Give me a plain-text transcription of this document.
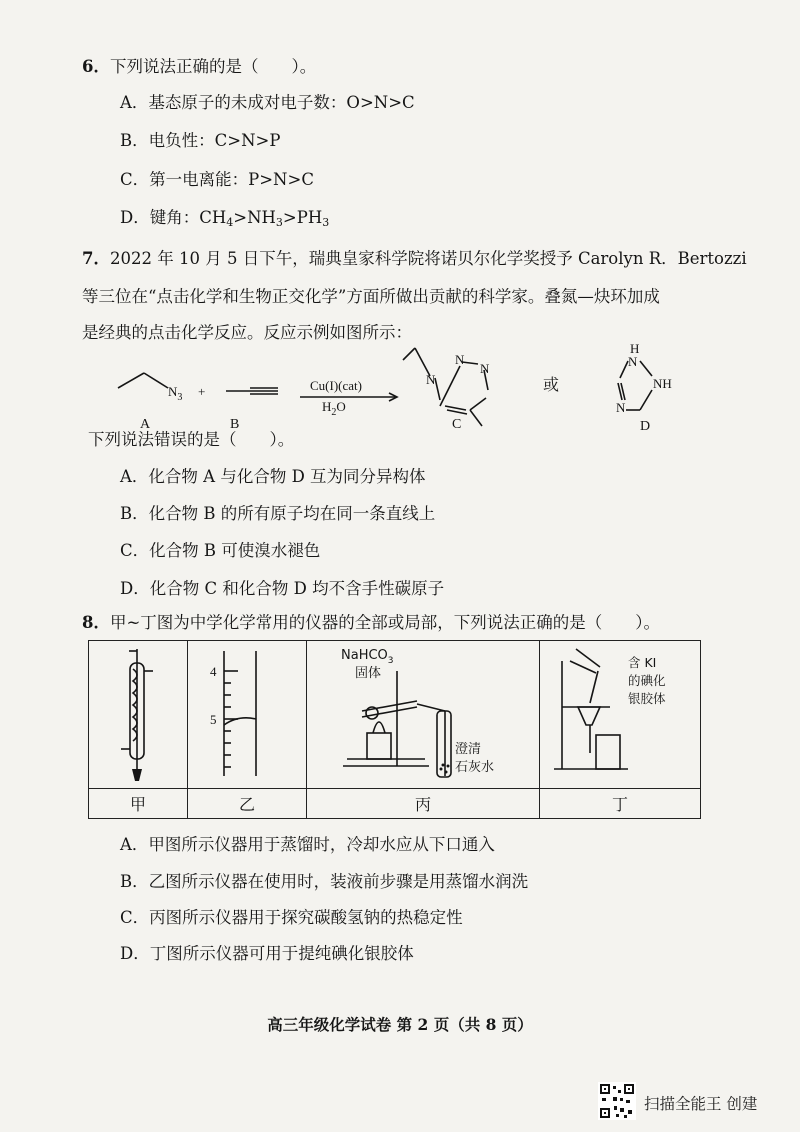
6．下列说法正确的是（　　）。
A．基态原子的未成对电子数：O>N>C
B．电负性：C>N>P
C．第一电离能：P>N>C
D．键角：$CH_4>NH_3>PH_3$
7．2022 年 10 月 5 日下午，瑞典皇家科学院将诺贝尔化学奖授予 Carolyn R．Bertozzi
等三位在“点击化学和生物正交化学”方面所做出贡献的科学家。叠氮—炔环加成
是经典的点击化学反应。反应示例如图所示：
$N_3$ +
A	B
Cu(I)(cat)
$H_2O$
N
N
N
C
或
H
N
NH
N
D
下列说法错误的是（　　）。
A．化合物 A 与化合物 D 互为同分异构体
B．化合物 B 的所有原子均在同一条直线上
C．化合物 B 可使溴水褪色
D．化合物 C 和化合物 D 均不含手性碳原子
8．甲~丁图为中学化学常用的仪器的全部或局部，下列说法正确的是（　　）。

4
5	NaHCO$_3$
固体
澄清
石灰水	含 KI
的碘化
银胶体

甲	乙	丙	丁
A．甲图所示仪器用于蒸馏时，冷却水应从下口通入
B．乙图所示仪器在使用时，装液前步骤是用蒸馏水润洗
C．丙图所示仪器用于探究碳酸氢钠的热稳定性
D．丁图所示仪器可用于提纯碘化银胶体
高三年级化学试卷 第 2 页（共 8 页）
扫描全能王 创建
